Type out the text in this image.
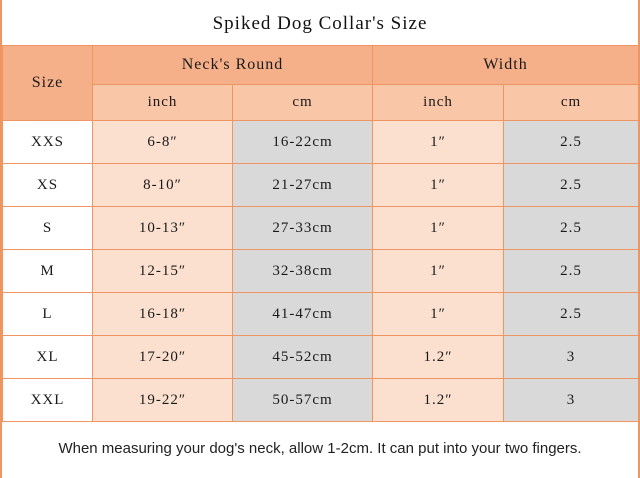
Spiked Dog Collar's Size
Size	Neck's Round		Width	
	inch	cm	inch	cm
XXS	6-8″	16-22cm	1″	2.5
XS	8-10″	21-27cm	1″	2.5
S	10-13″	27-33cm	1″	2.5
M	12-15″	32-38cm	1″	2.5
L	16-18″	41-47cm	1″	2.5
XL	17-20″	45-52cm	1.2″	3
XXL	19-22″	50-57cm	1.2″	3
When measuring your dog's neck, allow 1-2cm. It can put into your two fingers.
